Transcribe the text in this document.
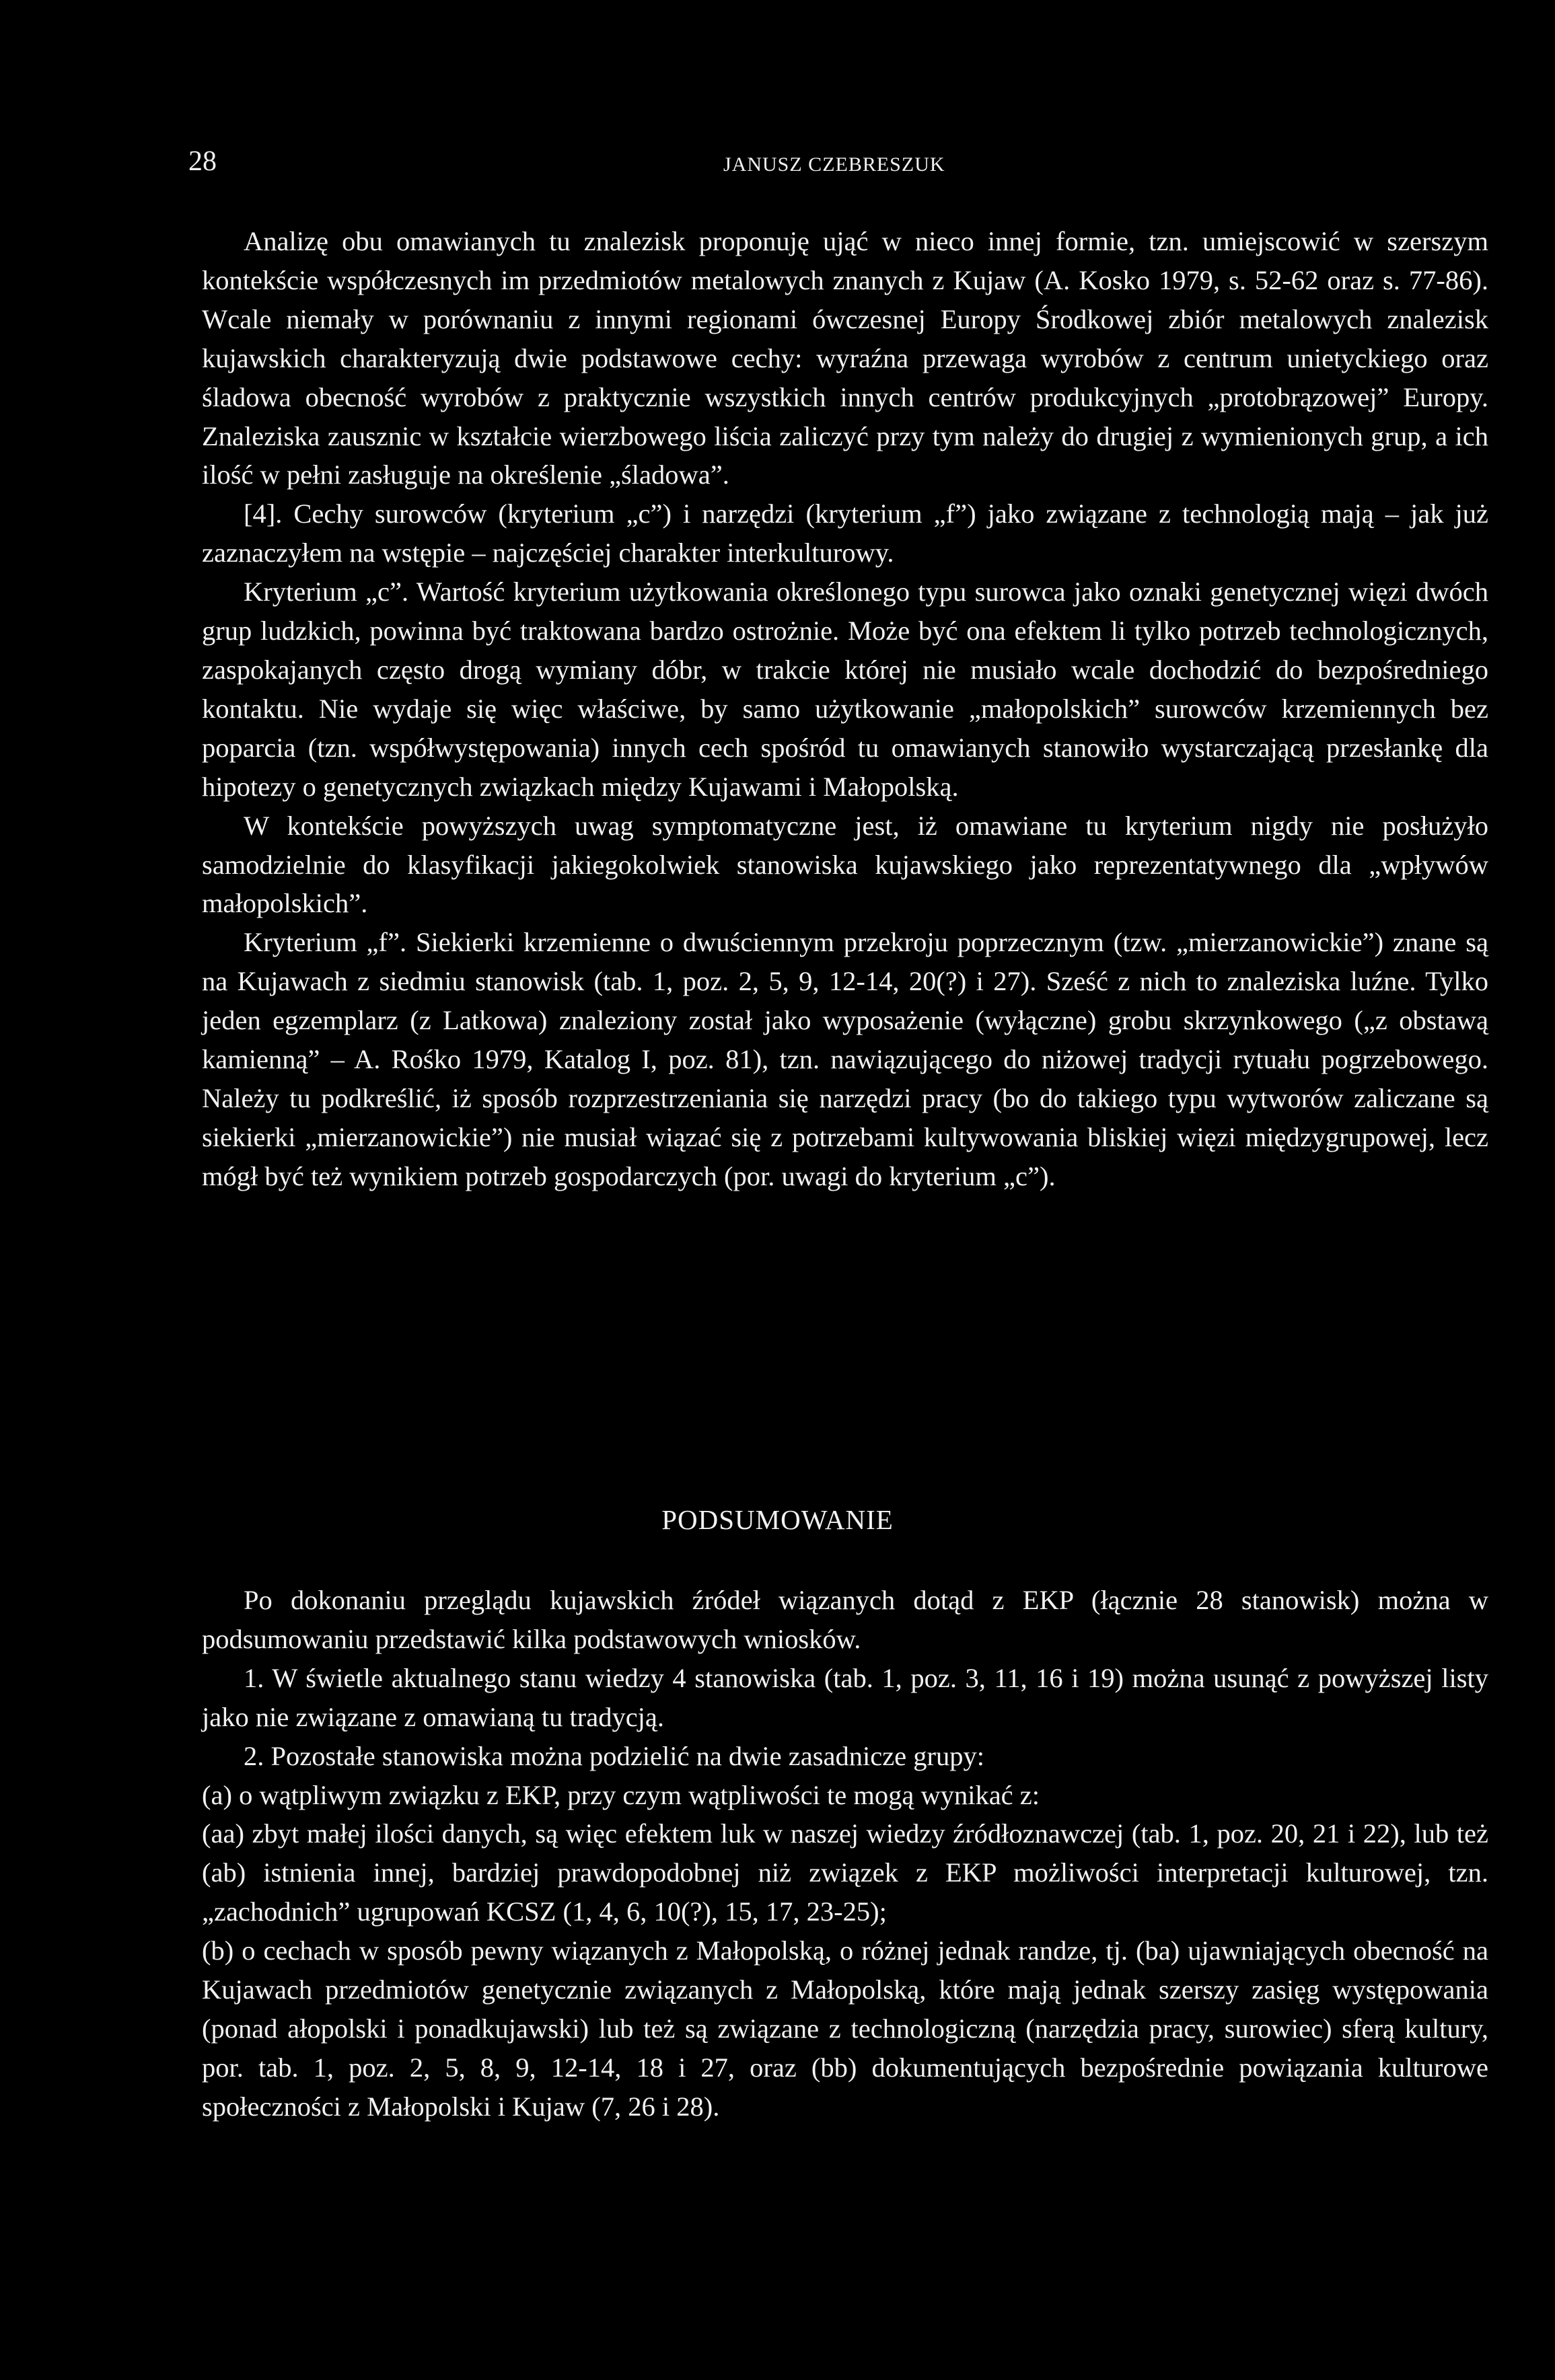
28	JANUSZ CZEBRESZUK

Analizę obu omawianych tu znalezisk proponuję ująć w nieco innej formie, tzn. umiejscowić w szerszym kontekście współczesnych im przedmiotów metalowych znanych z Kujaw (A. Kosko 1979, s. 52-62 oraz s. 77-86). Wcale niemały w porównaniu z innymi regionami ówczesnej Europy Środkowej zbiór metalowych znalezisk kujawskich charakteryzują dwie podstawowe cechy: wyraźna przewaga wyrobów z centrum unietyckiego oraz śladowa obecność wyrobów z praktycznie wszystkich innych centrów produkcyjnych „protobrązowej” Europy. Znaleziska zausznic w kształcie wierzbowego liścia zaliczyć przy tym należy do drugiej z wymienionych grup, a ich ilość w pełni zasługuje na określenie „śladowa”.

[4]. Cechy surowców (kryterium „c”) i narzędzi (kryterium „f”) jako związane z technologią mają – jak już zaznaczyłem na wstępie – najczęściej charakter interkulturowy.

Kryterium „c”. Wartość kryterium użytkowania określonego typu surowca jako oznaki genetycznej więzi dwóch grup ludzkich, powinna być traktowana bardzo ostrożnie. Może być ona efektem li tylko potrzeb technologicznych, zaspokajanych często drogą wymiany dóbr, w trakcie której nie musiało wcale dochodzić do bezpośredniego kontaktu. Nie wydaje się więc właściwe, by samo użytkowanie „małopolskich” surowców krzemiennych bez poparcia (tzn. współwystępowania) innych cech spośród tu omawianych stanowiło wystarczającą przesłankę dla hipotezy o genetycznych związkach między Kujawami i Małopolską.

W kontekście powyższych uwag symptomatyczne jest, iż omawiane tu kryterium nigdy nie posłużyło samodzielnie do klasyfikacji jakiegokolwiek stanowiska kujawskiego jako reprezentatywnego dla „wpływów małopolskich”.

Kryterium „f”. Siekierki krzemienne o dwuściennym przekroju poprzecznym (tzw. „mierzanowickie”) znane są na Kujawach z siedmiu stanowisk (tab. 1, poz. 2, 5, 9, 12-14, 20(?) i 27). Sześć z nich to znaleziska luźne. Tylko jeden egzemplarz (z Latkowa) znaleziony został jako wyposażenie (wyłączne) grobu skrzynkowego („z obstawą kamienną” – A. Rośko 1979, Katalog I, poz. 81), tzn. nawiązującego do niżowej tradycji rytuału pogrzebowego. Należy tu podkreślić, iż sposób rozprzestrzeniania się narzędzi pracy (bo do takiego typu wytworów zaliczane są siekierki „mierzanowickie”) nie musiał wiązać się z potrzebami kultywowania bliskiej więzi międzygrupowej, lecz mógł być też wynikiem potrzeb gospodarczych (por. uwagi do kryterium „c”).

PODSUMOWANIE

Po dokonaniu przeglądu kujawskich źródeł wiązanych dotąd z EKP (łącznie 28 stanowisk) można w podsumowaniu przedstawić kilka podstawowych wniosków.

1. W świetle aktualnego stanu wiedzy 4 stanowiska (tab. 1, poz. 3, 11, 16 i 19) można usunąć z powyższej listy jako nie związane z omawianą tu tradycją.

2. Pozostałe stanowiska można podzielić na dwie zasadnicze grupy:

(a) o wątpliwym związku z EKP, przy czym wątpliwości te mogą wynikać z:

(aa) zbyt małej ilości danych, są więc efektem luk w naszej wiedzy źródłoznawczej (tab. 1, poz. 20, 21 i 22), lub też (ab) istnienia innej, bardziej prawdopodobnej niż związek z EKP możliwości interpretacji kulturowej, tzn. „zachodnich” ugrupowań KCSZ (1, 4, 6, 10(?), 15, 17, 23-25);

(b) o cechach w sposób pewny wiązanych z Małopolską, o różnej jednak randze, tj. (ba) ujawniających obecność na Kujawach przedmiotów genetycznie związanych z Małopolską, które mają jednak szerszy zasięg występowania (ponad ałopolski i ponadkujawski) lub też są związane z technologiczną (narzędzia pracy, surowiec) sferą kultury, por. tab. 1, poz. 2, 5, 8, 9, 12-14, 18 i 27, oraz (bb) dokumentujących bezpośrednie powiązania kulturowe społeczności z Małopolski i Kujaw (7, 26 i 28).
